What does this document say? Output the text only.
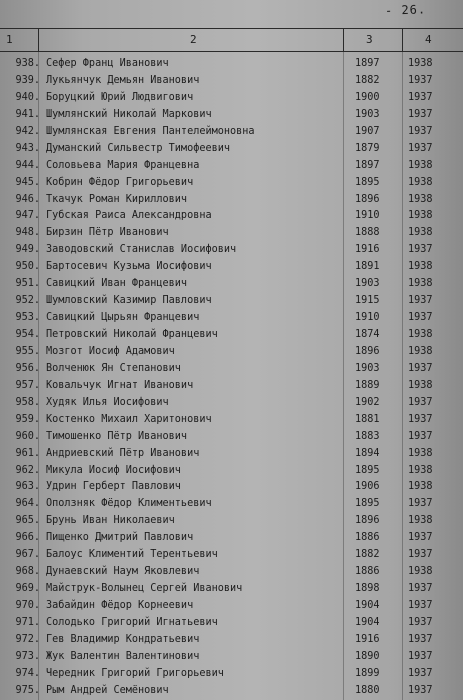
- 26.
1	2	3	4
938. Сефер Франц Иванович	1897	1938
939. Лукьянчук Демьян Иванович	1882	1937
940. Боруцкий Юрий Людвигович	1900	1937
941. Шумлянский Николай Маркович	1903	1937
942. Шумлянская Евгения Пантелеймоновна	1907	1937
943. Думанский Сильвестр Тимофеевич	1879	1937
944. Соловьева Мария Францевна	1897	1938
945. Кобрин Фёдор Григорьевич	1895	1938
946. Ткачук Роман Кириллович	1896	1938
947. Губская Раиса Александровна	1910	1938
948. Бирзин Пётр Иванович	1888	1938
949. Заводовский Станислав Иосифович	1916	1937
950. Бартосевич Кузьма Иосифович	1891	1938
951. Савицкий Иван Францевич	1903	1938
952. Шумловский Казимир Павлович	1915	1937
953. Савицкий Цырьян Францевич	1910	1937
954. Петровский Николай Францевич	1874	1938
955. Мозгот Иосиф Адамович	1896	1938
956. Волченюк Ян Степанович	1903	1937
957. Ковальчук Игнат Иванович	1889	1938
958. Худяк Илья Иосифович	1902	1937
959. Костенко Михаил Харитонович	1881	1937
960. Тимошенко Пётр Иванович	1883	1937
961. Андриевский Пётр Иванович	1894	1938
962. Микула Иосиф Иосифович	1895	1938
963. Удрин Герберт Павлович	1906	1938
964. Оползняк Фёдор Климентьевич	1895	1937
965. Брунь Иван Николаевич	1896	1938
966. Пищенко Дмитрий Павлович	1886	1937
967. Балоус Климентий Терентьевич	1882	1937
968. Дунаевский Наум Яковлевич	1886	1938
969. Майструк-Волынец Сергей Иванович	1898	1937
970. Забайдин Фёдор Корнеевич	1904	1937
971. Солодько Григорий Игнатьевич	1904	1937
972. Гев Владимир Кондратьевич	1916	1937
973. Жук Валентин Валентинович	1890	1937
974. Чередник Григорий Григорьевич	1899	1937
975. Рым Андрей Семёнович	1880	1937
